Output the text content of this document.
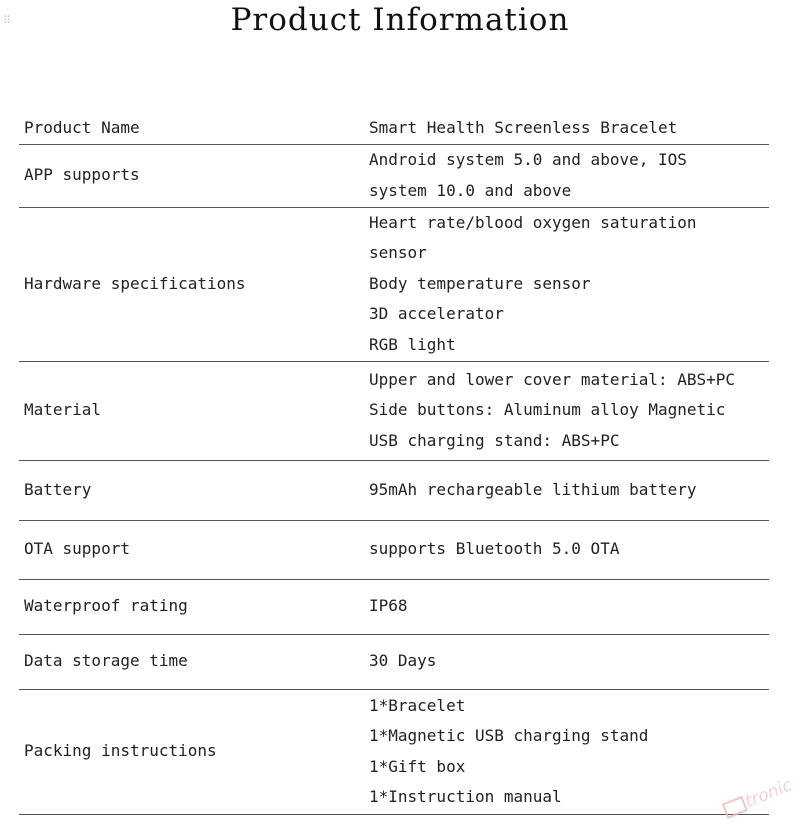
⠿	Product Information
Product Name	Smart Health Screenless Bracelet

APP supports	Android system 5.0 and above, IOS
system 10.0 and above

Hardware specifications	Heart rate/blood oxygen saturation
sensor
Body temperature sensor
3D accelerator
RGB light

Material	Upper and lower cover material: ABS+PC
Side buttons: Aluminum alloy Magnetic
USB charging stand: ABS+PC

Battery	95mAh rechargeable lithium battery

OTA support	supports Bluetooth 5.0 OTA

Waterproof rating	IP68

Data storage time	30 Days

Packing instructions	1*Bracelet
1*Magnetic USB charging stand
1*Gift box
1*Instruction manual	tronic
